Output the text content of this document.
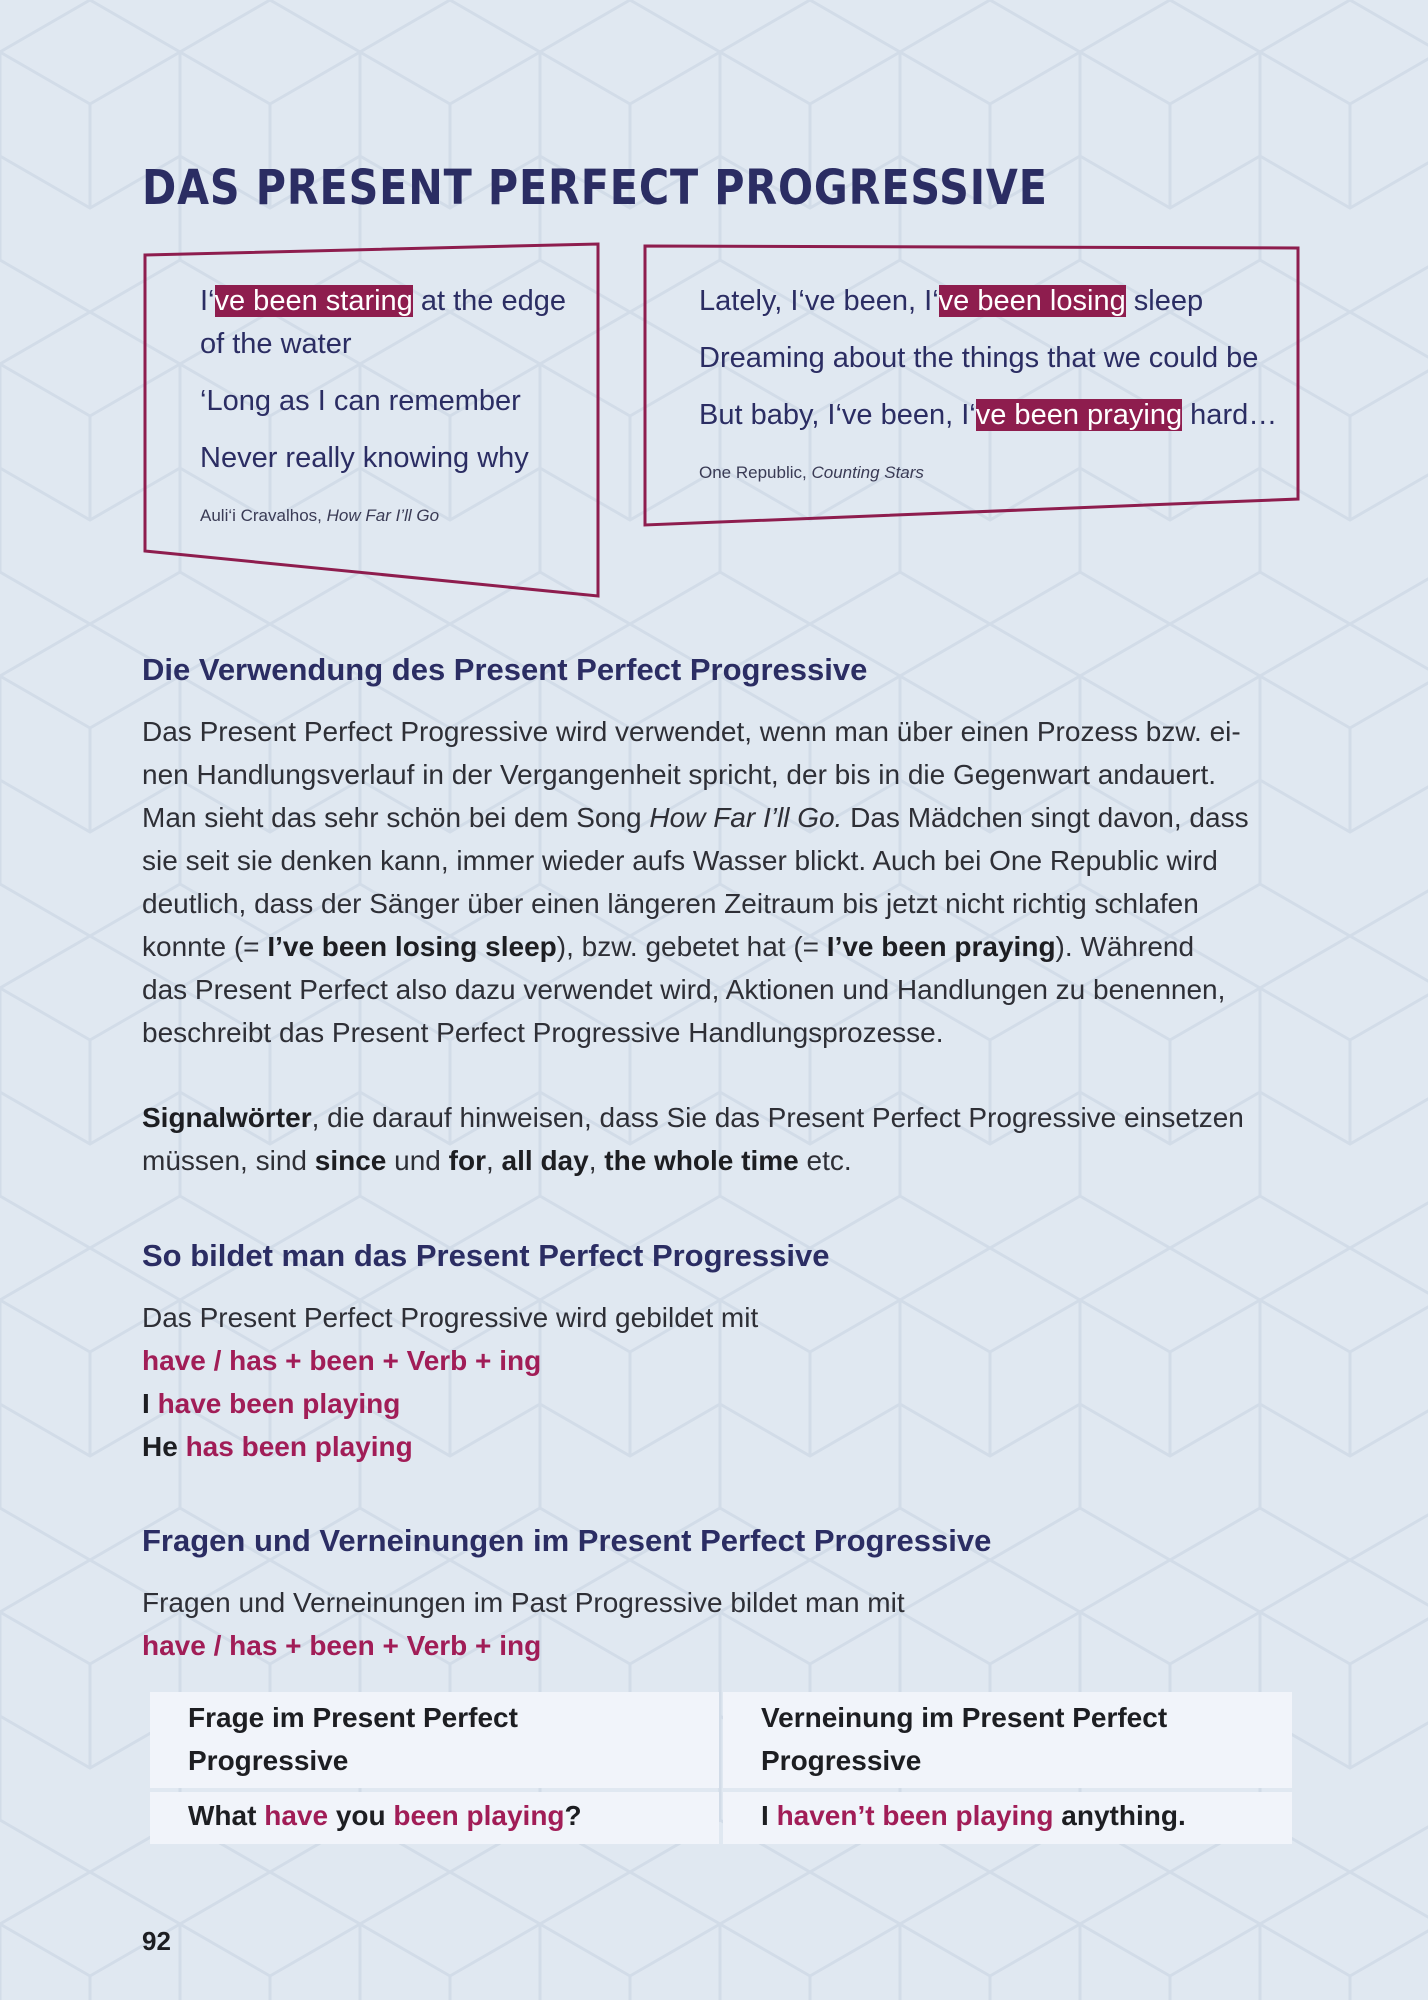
DAS PRESENT PERFECT PROGRESSIVE

I‘ve been staring at the edge of the water

‘Long as I can remember

Never really knowing why

Auli‘i Cravalhos, How Far I’ll Go

Lately, I‘ve been, I‘ve been losing sleep

Dreaming about the things that we could be

But baby, I‘ve been, I‘ve been praying hard…

One Republic, Counting Stars
Die Verwendung des Present Perfect Progressive

Das Present Perfect Progressive wird verwendet, wenn man über einen Prozess bzw. ei-

nen Handlungsverlauf in der Vergangenheit spricht, der bis in die Gegenwart andauert.

Man sieht das sehr schön bei dem Song How Far I’ll Go. Das Mädchen singt davon, dass

sie seit sie denken kann, immer wieder aufs Wasser blickt. Auch bei One Republic wird

deutlich, dass der Sänger über einen längeren Zeitraum bis jetzt nicht richtig schlafen

konnte (= I’ve been losing sleep), bzw. gebetet hat (= I’ve been praying). Während

das Present Perfect also dazu verwendet wird, Aktionen und Handlungen zu benennen,

beschreibt das Present Perfect Progressive Handlungsprozesse.

Signalwörter, die darauf hinweisen, dass Sie das Present Perfect Progressive einsetzen

müssen, sind since und for, all day, the whole time etc.

So bildet man das Present Perfect Progressive

Das Present Perfect Progressive wird gebildet mit

have / has + been + Verb + ing

I have been playing

He has been playing

Fragen und Verneinungen im Present Perfect Progressive

Fragen und Verneinungen im Past Progressive bildet man mit

have / has + been + Verb + ing

Frage im Present Perfect Progressive	Verneinung im Present Perfect Progressive
What have you been playing?	I haven’t been playing anything.
92
